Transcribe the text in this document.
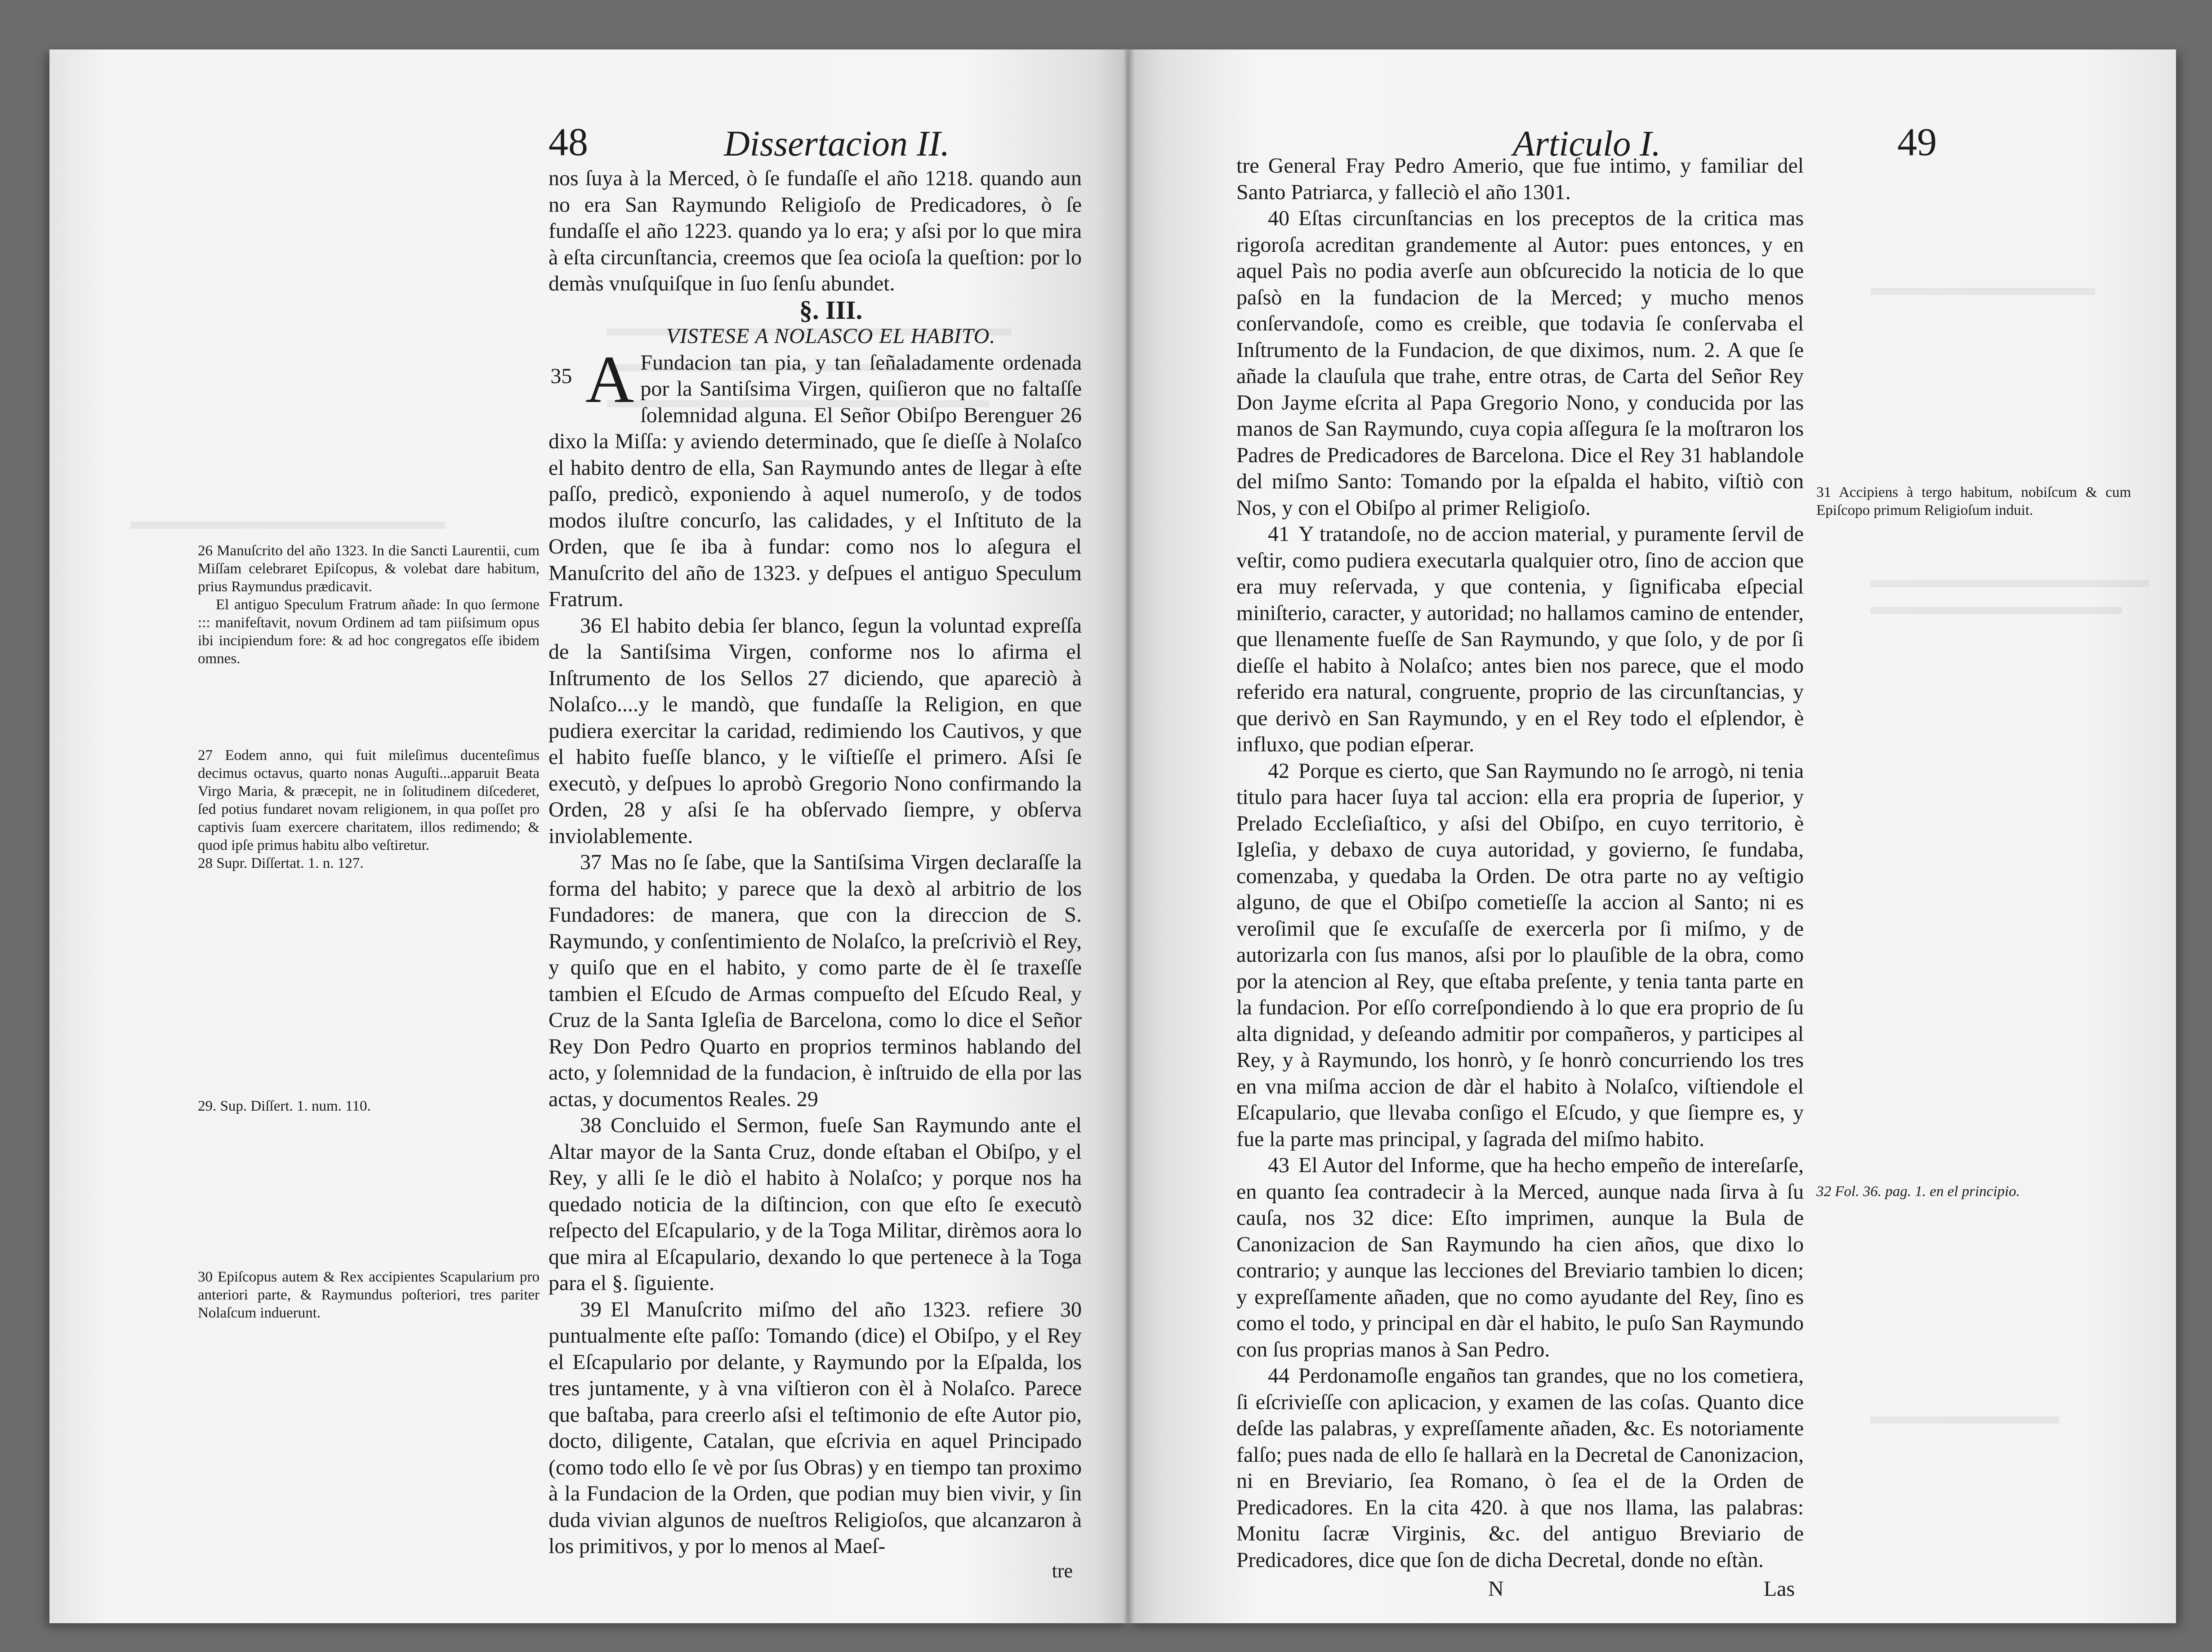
48	Dissertacion II.

nos ſuya à la Merced, ò ſe fundaſſe el año 1218. quando aun no era San Raymundo Religioſo de Predicadores, ò ſe fundaſſe el año 1223. quando ya lo era; y aſsi por lo que mira à eſta circunſtancia, creemos que ſea ocioſa la queſtion: por lo demàs vnuſquiſque in ſuo ſenſu abundet.

§. III.

VISTESE A NOLASCO EL HABITO.

A
35
Fundacion tan pia, y tan ſeñaladamente ordenada por la Santiſsima Virgen, quiſieron que no faltaſſe ſolemnidad alguna. El Señor Obiſpo Berenguer 26 dixo la Miſſa: y aviendo determinado, que ſe dieſſe à Nolaſco el habito dentro de ella, San Raymundo antes de llegar à eſte paſſo, predicò, exponiendo à aquel numeroſo, y de todos modos iluſtre concurſo, las calidades, y el Inſtituto de la Orden, que ſe iba à fundar: como nos lo aſegura el Manuſcrito del año de 1323. y deſpues el antiguo Speculum Fratrum.

36 El habito debia ſer blanco, ſegun la voluntad expreſſa de la Santiſsima Virgen, conforme nos lo afirma el Inſtrumento de los Sellos 27 diciendo, que apareciò à Nolaſco....y le mandò, que fundaſſe la Religion, en que pudiera exercitar la caridad, redimiendo los Cautivos, y que el habito fueſſe blanco, y le viſtieſſe el primero. Aſsi ſe executò, y deſpues lo aprobò Gregorio Nono confirmando la Orden, 28 y aſsi ſe ha obſervado ſiempre, y obſerva inviolablemente.

37 Mas no ſe ſabe, que la Santiſsima Virgen declaraſſe la forma del habito; y parece que la dexò al arbitrio de los Fundadores: de manera, que con la direccion de S. Raymundo, y conſentimiento de Nolaſco, la preſcriviò el Rey, y quiſo que en el habito, y como parte de èl ſe traxeſſe tambien el Eſcudo de Armas compueſto del Eſcudo Real, y Cruz de la Santa Igleſia de Barcelona, como lo dice el Señor Rey Don Pedro Quarto en proprios terminos hablando del acto, y ſolemnidad de la fundacion, è inſtruido de ella por las actas, y documentos Reales. 29

38 Concluido el Sermon, fueſe San Raymundo ante el Altar mayor de la Santa Cruz, donde eſtaban el Obiſpo, y el Rey, y alli ſe le diò el habito à Nolaſco; y porque nos ha quedado noticia de la diſtincion, con que eſto ſe executò reſpecto del Eſcapulario, y de la Toga Militar, dirèmos aora lo que mira al Eſcapulario, dexando lo que pertenece à la Toga para el §. ſiguiente.

39 El Manuſcrito miſmo del año 1323. refiere 30 puntualmente eſte paſſo: Tomando (dice) el Obiſpo, y el Rey el Eſcapulario por delante, y Raymundo por la Eſpalda, los tres juntamente, y à vna viſtieron con èl à Nolaſco. Parece que baſtaba, para creerlo aſsi el teſtimonio de eſte Autor pio, docto, diligente, Catalan, que eſcrivia en aquel Principado (como todo ello ſe vè por ſus Obras) y en tiempo tan proximo à la Fundacion de la Orden, que podian muy bien vivir, y ſin duda vivian algunos de nueſtros Religioſos, que alcanzaron à los primitivos, y por lo menos al Maeſ-

tre

26 Manuſcrito del año 1323. In die Sancti Laurentii, cum Miſſam celebraret Epiſcopus, & volebat dare habitum, prius Raymundus prædicavit.

El antiguo Speculum Fratrum añade: In quo ſermone ::: manifeſtavit, novum Ordinem ad tam piiſsimum opus ibi incipiendum fore: & ad hoc congregatos eſſe ibidem omnes.

27 Eodem anno, qui fuit mileſimus ducenteſimus decimus octavus, quarto nonas Auguſti...apparuit Beata Virgo Maria, & præcepit, ne in ſolitudinem diſcederet, ſed potius fundaret novam religionem, in qua poſſet pro captivis ſuam exercere charitatem, illos redimendo; & quod ipſe primus habitu albo veſtiretur.

28 Supr. Diſſertat. 1. n. 127.

29. Sup. Diſſert. 1. num. 110.

30 Epiſcopus autem & Rex accipientes Scapularium pro anteriori parte, & Raymundus poſteriori, tres pariter Nolaſcum induerunt.

Articulo I.	49

tre General Fray Pedro Amerio, que fue intimo, y familiar del Santo Patriarca, y falleciò el año 1301.

40 Eſtas circunſtancias en los preceptos de la critica mas rigoroſa acreditan grandemente al Autor: pues entonces, y en aquel Paìs no podia averſe aun obſcurecido la noticia de lo que paſsò en la fundacion de la Merced; y mucho menos conſervandoſe, como es creible, que todavia ſe conſervaba el Inſtrumento de la Fundacion, de que diximos, num. 2. A que ſe añade la clauſula que trahe, entre otras, de Carta del Señor Rey Don Jayme eſcrita al Papa Gregorio Nono, y conducida por las manos de San Raymundo, cuya copia aſſegura ſe la moſtraron los Padres de Predicadores de Barcelona. Dice el Rey 31 hablandole del miſmo Santo: Tomando por la eſpalda el habito, viſtiò con Nos, y con el Obiſpo al primer Religioſo.

41 Y tratandoſe, no de accion material, y puramente ſervil de veſtir, como pudiera executarla qualquier otro, ſino de accion que era muy reſervada, y que contenia, y ſignificaba eſpecial miniſterio, caracter, y autoridad; no hallamos camino de entender, que llenamente fueſſe de San Raymundo, y que ſolo, y de por ſi dieſſe el habito à Nolaſco; antes bien nos parece, que el modo referido era natural, congruente, proprio de las circunſtancias, y que derivò en San Raymundo, y en el Rey todo el eſplendor, è influxo, que podian eſperar.

42 Porque es cierto, que San Raymundo no ſe arrogò, ni tenia titulo para hacer ſuya tal accion: ella era propria de ſuperior, y Prelado Eccleſiaſtico, y aſsi del Obiſpo, en cuyo territorio, è Igleſia, y debaxo de cuya autoridad, y govierno, ſe fundaba, comenzaba, y quedaba la Orden. De otra parte no ay veſtigio alguno, de que el Obiſpo cometieſſe la accion al Santo; ni es veroſimil que ſe excuſaſſe de exercerla por ſi miſmo, y de autorizarla con ſus manos, aſsi por lo plauſible de la obra, como por la atencion al Rey, que eſtaba preſente, y tenia tanta parte en la fundacion. Por eſſo correſpondiendo à lo que era proprio de ſu alta dignidad, y deſeando admitir por compañeros, y participes al Rey, y à Raymundo, los honrò, y ſe honrò concurriendo los tres en vna miſma accion de dàr el habito à Nolaſco, viſtiendole el Eſcapulario, que llevaba conſigo el Eſcudo, y que ſiempre es, y fue la parte mas principal, y ſagrada del miſmo habito.

43 El Autor del Informe, que ha hecho empeño de intereſarſe, en quanto ſea contradecir à la Merced, aunque nada ſirva à ſu cauſa, nos 32 dice: Eſto imprimen, aunque la Bula de Canonizacion de San Raymundo ha cien años, que dixo lo contrario; y aunque las lecciones del Breviario tambien lo dicen; y expreſſamente añaden, que no como ayudante del Rey, ſino es como el todo, y principal en dàr el habito, le puſo San Raymundo con ſus proprias manos à San Pedro.

44 Perdonamoſle engaños tan grandes, que no los cometiera, ſi eſcrivieſſe con aplicacion, y examen de las coſas. Quanto dice deſde las palabras, y expreſſamente añaden, &c. Es notoriamente falſo; pues nada de ello ſe hallarà en la Decretal de Canonizacion, ni en Breviario, ſea Romano, ò ſea el de la Orden de Predicadores. En la cita 420. à que nos llama, las palabras: Monitu ſacræ Virginis, &c. del antiguo Breviario de Predicadores, dice que ſon de dicha Decretal, donde no eſtàn.

N	Las

31 Accipiens à tergo habitum, nobiſcum & cum Epiſcopo primum Religioſum induit.

32 Fol. 36. pag. 1. en el principio.
